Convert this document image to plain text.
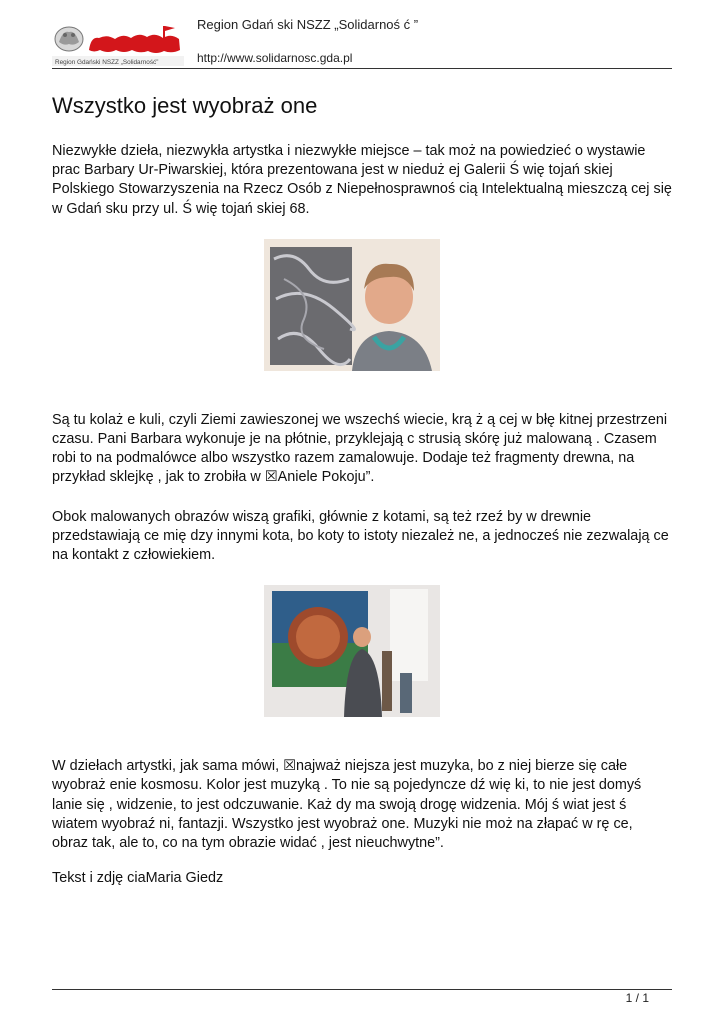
Region Gdański NSZZ „Solidarność”
Region Gdań ski NSZZ „Solidarnoś ć ”
http://www.solidarnosc.gda.pl
Wszystko jest wyobraż one

Niezwykłe dzieła, niezwykła artystka i niezwykłe miejsce – tak moż na powiedzieć o wystawie prac Barbary Ur-Piwarskiej, która prezentowana jest w nieduż ej Galerii Ś wię tojań skiej Polskiego Stowarzyszenia na Rzecz Osób z Niepełnosprawnoś cią Intelektualną mieszczą cej się w Gdań sku przy ul. Ś wię tojań skiej 68.

Są tu kolaż e kuli, czyli Ziemi zawieszonej we wszechś wiecie, krą ż ą cej w błę kitnej przestrzeni czasu. Pani Barbara wykonuje je na płótnie, przyklejają c strusią skórę już malowaną . Czasem robi to na podmalówce albo wszystko razem zamalowuje. Dodaje też fragmenty drewna, na przykład sklejkę , jak to zrobiła w ☒Aniele Pokoju”.

Obok malowanych obrazów wiszą grafiki, głównie z kotami, są też rzeź by w drewnie przedstawiają ce mię dzy innymi kota, bo koty to istoty niezależ ne, a jednocześ nie zezwalają ce na kontakt z człowiekiem.

W dziełach artystki, jak sama mówi, ☒najważ niejsza jest muzyka, bo z niej bierze się całe wyobraż enie kosmosu. Kolor jest muzyką . To nie są pojedyncze dź wię ki, to nie jest domyś lanie się , widzenie, to jest odczuwanie. Każ dy ma swoją drogę widzenia. Mój ś wiat jest ś wiatem wyobraź ni, fantazji. Wszystko jest wyobraż one. Muzyki nie moż na złapać w rę ce, obraz tak, ale to, co na tym obrazie widać , jest nieuchwytne”.

Tekst i zdję ciaMaria Giedz

1 / 1
